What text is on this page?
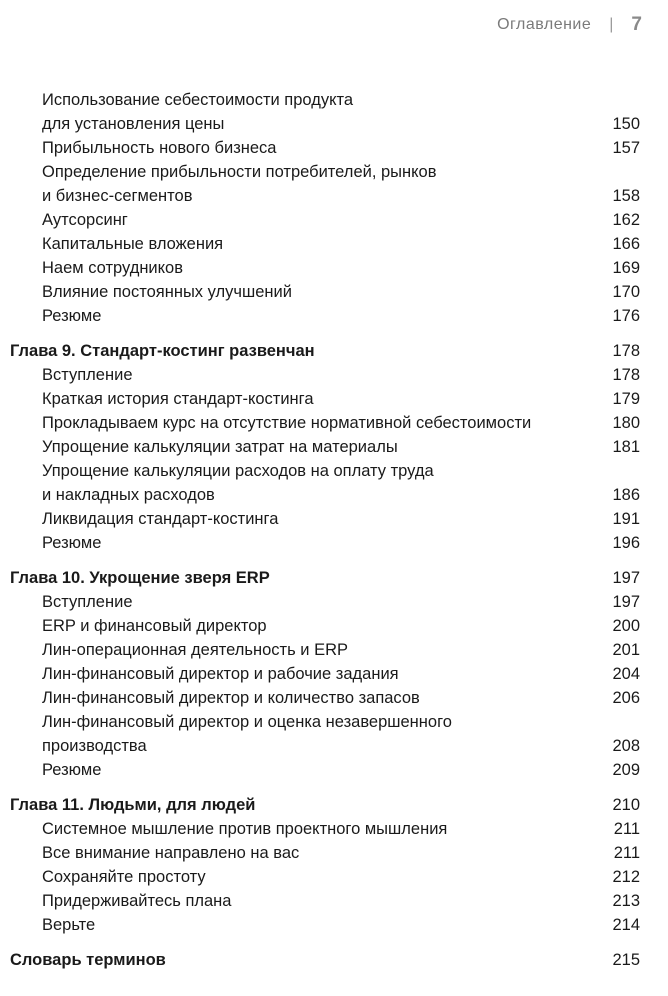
Оглавление | 7
Использование себестоимости продукта
для установления цены	150
Прибыльность нового бизнеса	157
Определение прибыльности потребителей, рынков
и бизнес-сегментов	158
Аутсорсинг	162
Капитальные вложения	166
Наем сотрудников	169
Влияние постоянных улучшений	170
Резюме	176
Глава 9. Стандарт-костинг развенчан	178
Вступление	178
Краткая история стандарт-костинга	179
Прокладываем курс на отсутствие нормативной себестоимости	180
Упрощение калькуляции затрат на материалы	181
Упрощение калькуляции расходов на оплату труда
и накладных расходов	186
Ликвидация стандарт-костинга	191
Резюме	196
Глава 10. Укрощение зверя ERP	197
Вступление	197
ERP и финансовый директор	200
Лин-операционная деятельность и ERP	201
Лин-финансовый директор и рабочие задания	204
Лин-финансовый директор и количество запасов	206
Лин-финансовый директор и оценка незавершенного
производства	208
Резюме	209
Глава 11. Людьми, для людей	210
Системное мышление против проектного мышления	211
Все внимание направлено на вас	211
Сохраняйте простоту	212
Придерживайтесь плана	213
Верьте	214
Словарь терминов	215
